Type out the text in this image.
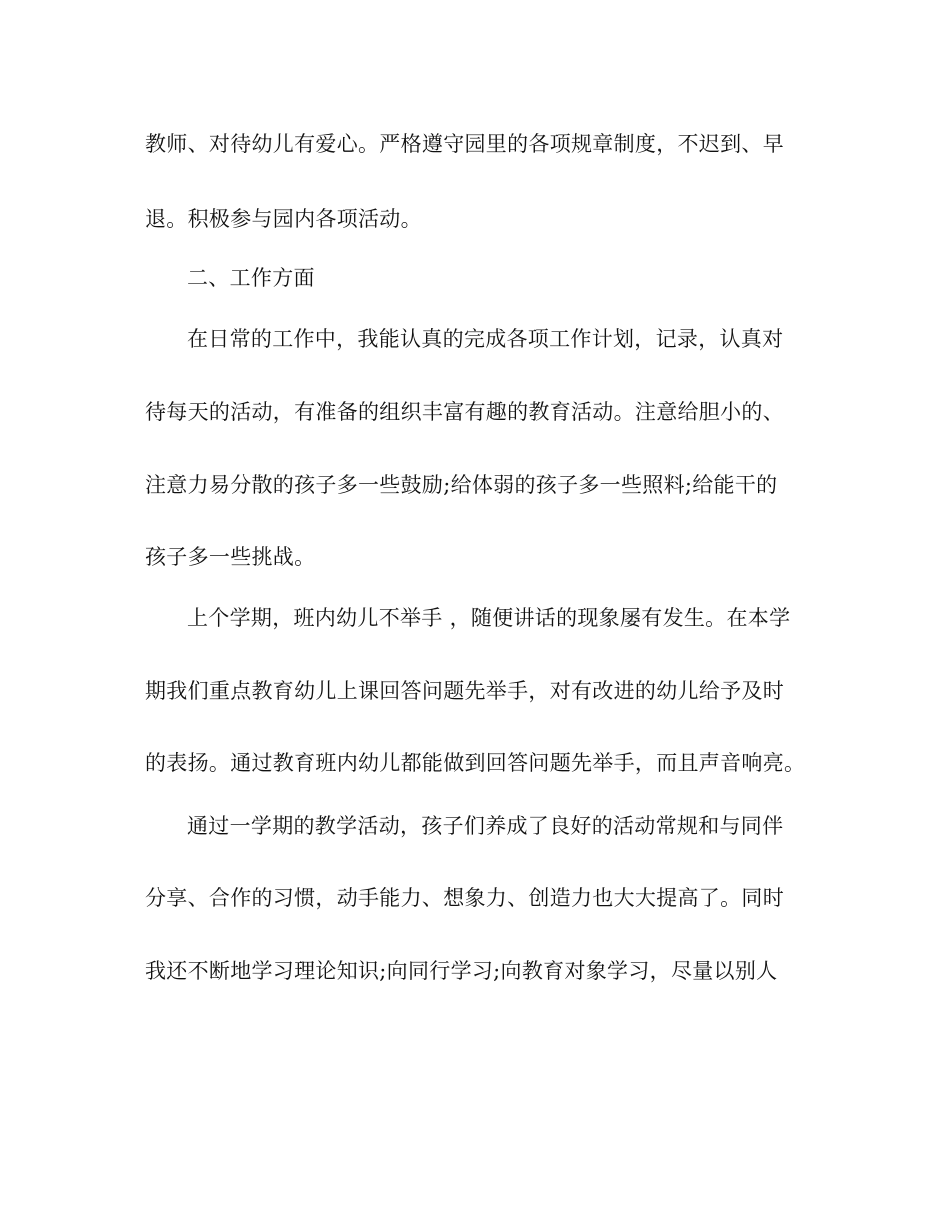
教师、对待幼儿有爱心。严格遵守园里的各项规章制度，不迟到、早
退。积极参与园内各项活动。
二、工作方面
在日常的工作中，我能认真的完成各项工作计划，记录，认真对
待每天的活动，有准备的组织丰富有趣的教育活动。注意给胆小的、
注意力易分散的孩子多一些鼓励;给体弱的孩子多一些照料;给能干的
孩子多一些挑战。
上个学期，班内幼儿不举手 ，随便讲话的现象屡有发生。在本学
期我们重点教育幼儿上课回答问题先举手，对有改进的幼儿给予及时
的表扬。通过教育班内幼儿都能做到回答问题先举手，而且声音响亮。
通过一学期的教学活动，孩子们养成了良好的活动常规和与同伴
分享、合作的习惯，动手能力、想象力、创造力也大大提高了。同时
我还不断地学习理论知识;向同行学习;向教育对象学习，尽量以别人
